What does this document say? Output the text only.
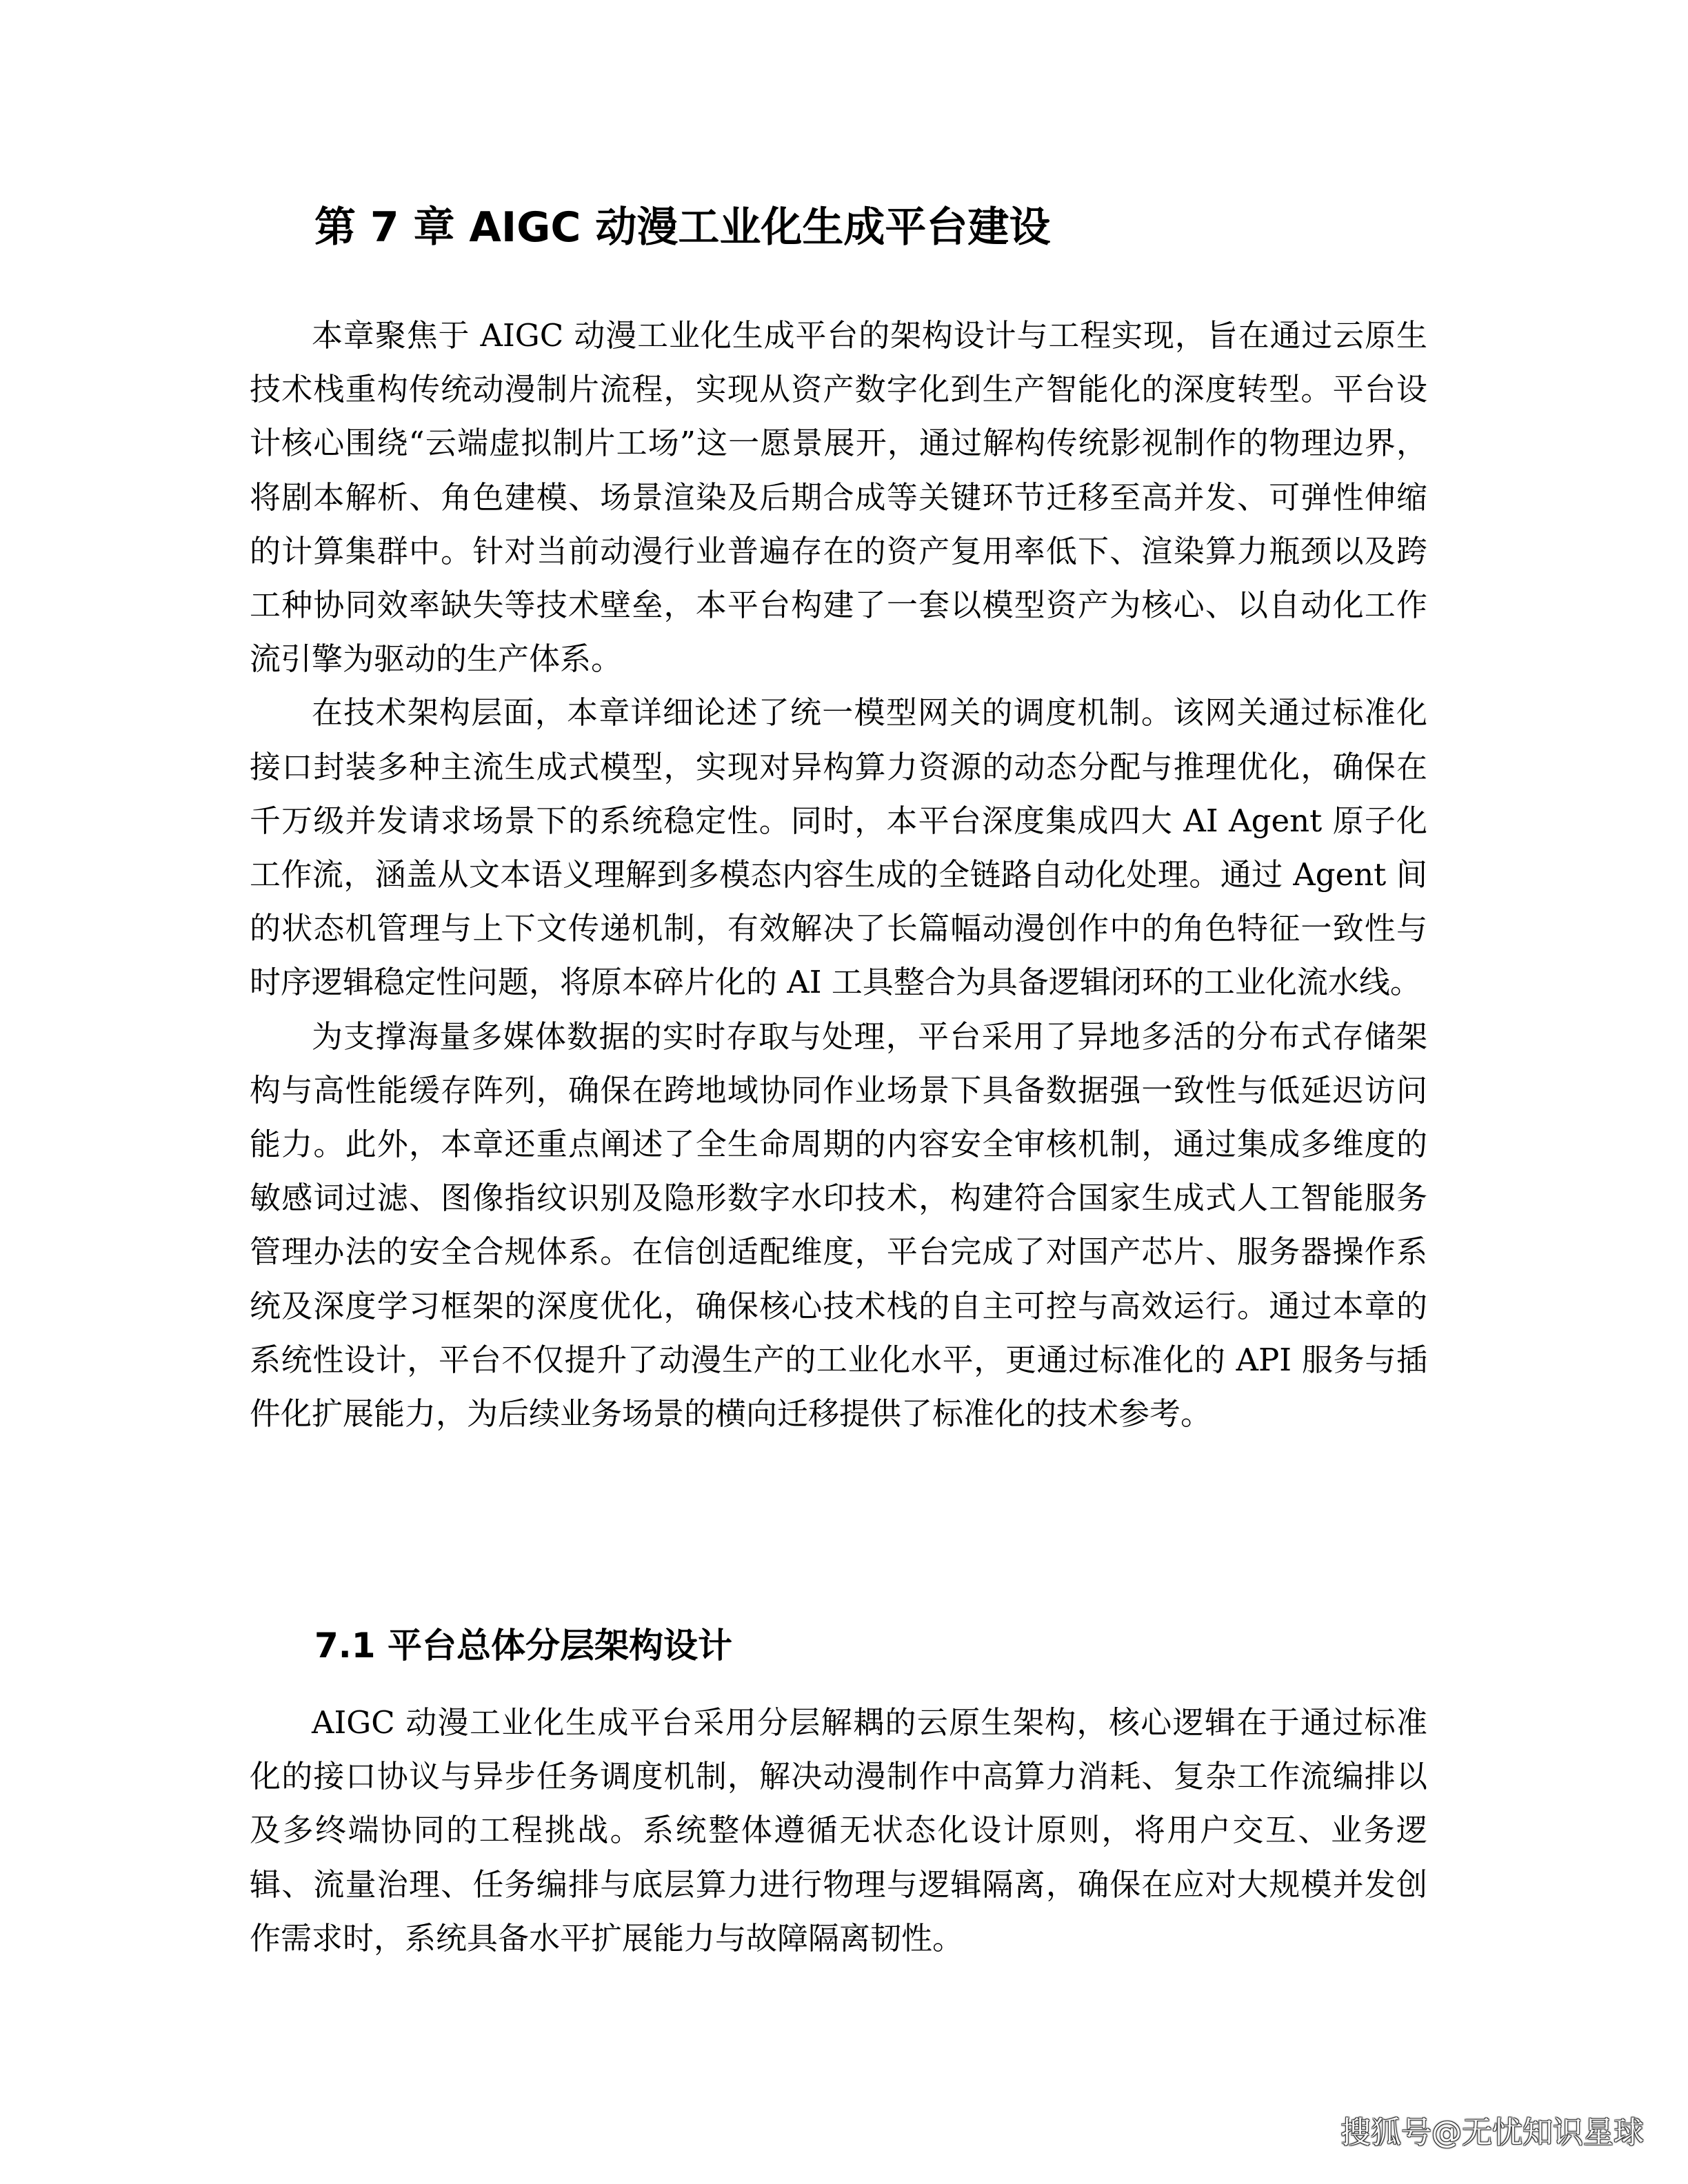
第 7 章 AIGC 动漫工业化生成平台建设

本章聚焦于 AIGC 动漫工业化生成平台的架构设计与工程实现，旨在通过云原生技术栈重构传统动漫制片流程，实现从资产数字化到生产智能化的深度转型。平台设计核心围绕“云端虚拟制片工场”这一愿景展开，通过解构传统影视制作的物理边界，将剧本解析、角色建模、场景渲染及后期合成等关键环节迁移至高并发、可弹性伸缩的计算集群中。针对当前动漫行业普遍存在的资产复用率低下、渲染算力瓶颈以及跨工种协同效率缺失等技术壁垒，本平台构建了一套以模型资产为核心、以自动化工作流引擎为驱动的生产体系。

在技术架构层面，本章详细论述了统一模型网关的调度机制。该网关通过标准化接口封装多种主流生成式模型，实现对异构算力资源的动态分配与推理优化，确保在千万级并发请求场景下的系统稳定性。同时，本平台深度集成四大 AI Agent 原子化工作流，涵盖从文本语义理解到多模态内容生成的全链路自动化处理。通过 Agent 间的状态机管理与上下文传递机制，有效解决了长篇幅动漫创作中的角色特征一致性与时序逻辑稳定性问题，将原本碎片化的 AI 工具整合为具备逻辑闭环的工业化流水线。

为支撑海量多媒体数据的实时存取与处理，平台采用了异地多活的分布式存储架构与高性能缓存阵列，确保在跨地域协同作业场景下具备数据强一致性与低延迟访问能力。此外，本章还重点阐述了全生命周期的内容安全审核机制，通过集成多维度的敏感词过滤、图像指纹识别及隐形数字水印技术，构建符合国家生成式人工智能服务管理办法的安全合规体系。在信创适配维度，平台完成了对国产芯片、服务器操作系统及深度学习框架的深度优化，确保核心技术栈的自主可控与高效运行。通过本章的系统性设计，平台不仅提升了动漫生产的工业化水平，更通过标准化的 API 服务与插件化扩展能力，为后续业务场景的横向迁移提供了标准化的技术参考。

7.1 平台总体分层架构设计

AIGC 动漫工业化生成平台采用分层解耦的云原生架构，核心逻辑在于通过标准化的接口协议与异步任务调度机制，解决动漫制作中高算力消耗、复杂工作流编排以及多终端协同的工程挑战。系统整体遵循无状态化设计原则，将用户交互、业务逻辑、流量治理、任务编排与底层算力进行物理与逻辑隔离，确保在应对大规模并发创作需求时，系统具备水平扩展能力与故障隔离韧性。

搜狐号@无忧知识星球
